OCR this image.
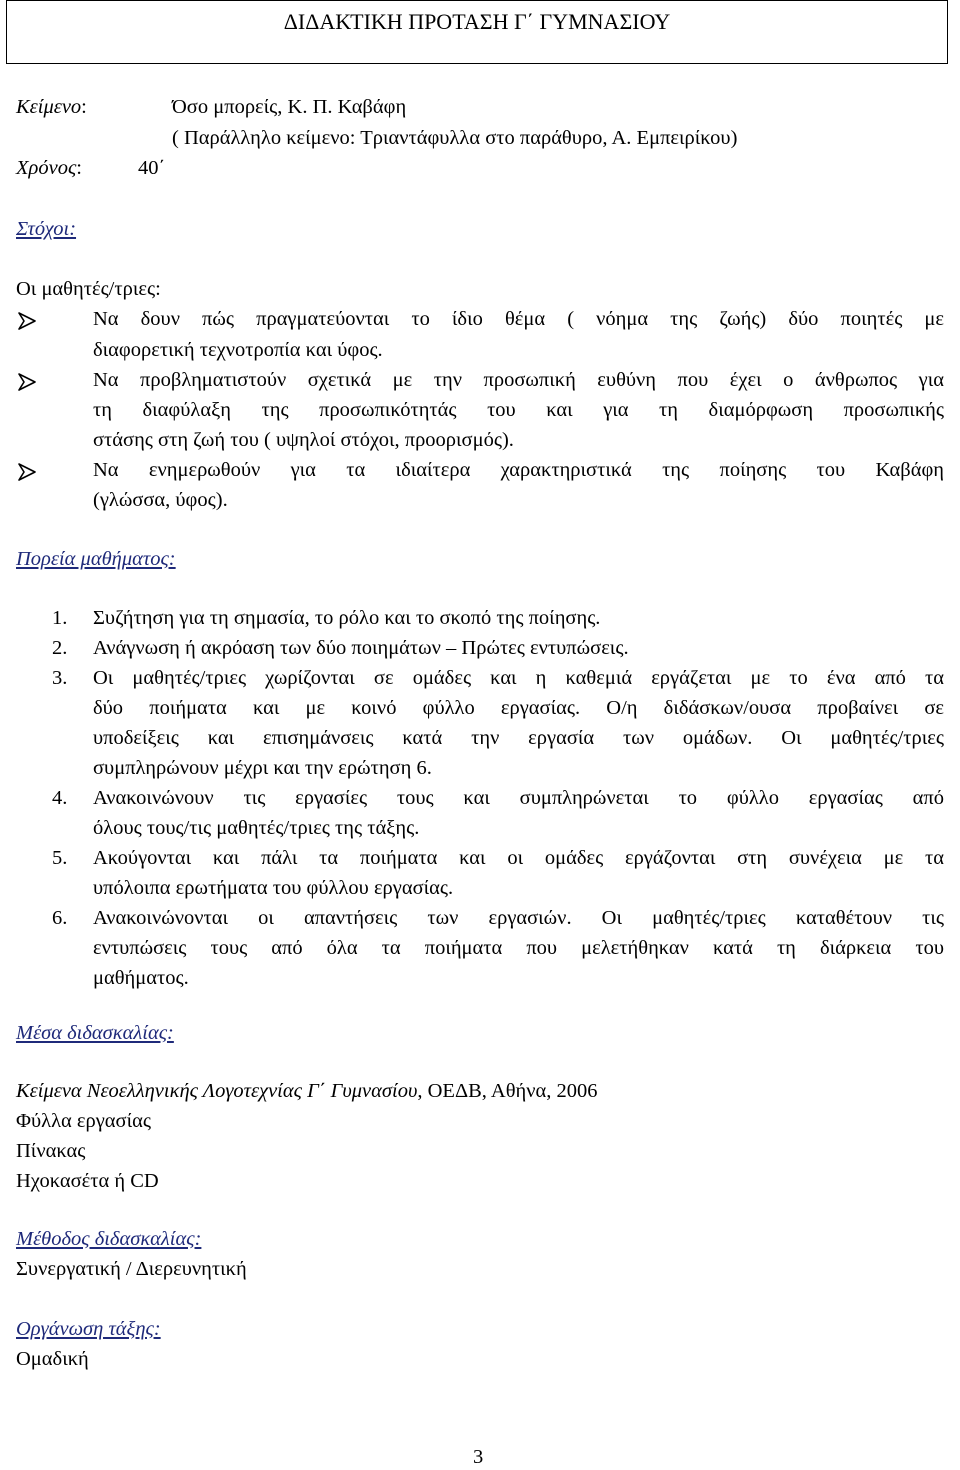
ΔΙΔΑΚΤΙΚΗ ΠΡΟΤΑΣΗ Γ΄ ΓΥΜΝΑΣΙΟΥ
Κείμενο:	Όσο μπορείς, Κ. Π. Καβάφη
( Παράλληλο κείμενο: Τριαντάφυλλα στο παράθυρο, Α. Εμπειρίκου)
Χρόνος:	40΄
Στόχοι:
Οι μαθητές/τριες:
Να δουν πώς πραγματεύονται το ίδιο θέμα ( νόημα της ζωής) δύο ποιητές με
διαφορετική τεχνοτροπία και ύφος.
Να προβληματιστούν σχετικά με την προσωπική ευθύνη που έχει ο άνθρωπος για
τη διαφύλαξη της προσωπικότητάς του και για τη διαμόρφωση προσωπικής
στάσης στη ζωή του ( υψηλοί στόχοι, προορισμός).
Να ενημερωθούν για τα ιδιαίτερα χαρακτηριστικά της ποίησης του Καβάφη
(γλώσσα, ύφος).
Πορεία μαθήματος:
1. Συζήτηση για τη σημασία, το ρόλο και το σκοπό της ποίησης.
2. Ανάγνωση ή ακρόαση των δύο ποιημάτων – Πρώτες εντυπώσεις.
3. Οι μαθητές/τριες χωρίζονται σε ομάδες και η καθεμιά εργάζεται με το ένα από τα
δύο ποιήματα και με κοινό φύλλο εργασίας. Ο/η διδάσκων/ουσα προβαίνει σε
υποδείξεις και επισημάνσεις κατά την εργασία των ομάδων. Οι μαθητές/τριες
συμπληρώνουν μέχρι και την ερώτηση 6.
4. Ανακοινώνουν τις εργασίες τους και συμπληρώνεται το φύλλο εργασίας από
όλους τους/τις μαθητές/τριες της τάξης.
5. Ακούγονται και πάλι τα ποιήματα και οι ομάδες εργάζονται στη συνέχεια με τα
υπόλοιπα ερωτήματα του φύλλου εργασίας.
6. Ανακοινώνονται οι απαντήσεις των εργασιών. Οι μαθητές/τριες καταθέτουν τις
εντυπώσεις τους από όλα τα ποιήματα που μελετήθηκαν κατά τη διάρκεια του
μαθήματος.
Μέσα διδασκαλίας:
Κείμενα Νεοελληνικής Λογοτεχνίας Γ΄ Γυμνασίου, ΟΕΔΒ, Αθήνα, 2006
Φύλλα εργασίας
Πίνακας
Ηχοκασέτα ή CD
Μέθοδος διδασκαλίας:
Συνεργατική / Διερευνητική
Οργάνωση τάξης:
Ομαδική
3
